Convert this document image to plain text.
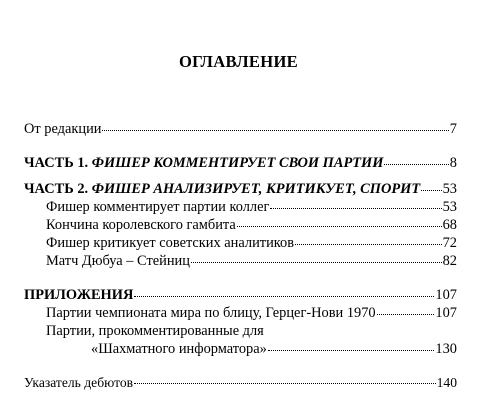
ОГЛАВЛЕНИЕ
От редакции	7
ЧАСТЬ 1. ФИШЕР КОММЕНТИРУЕТ СВОИ ПАРТИИ	8
ЧАСТЬ 2. ФИШЕР АНАЛИЗИРУЕТ, КРИТИКУЕТ, СПОРИТ 53
Фишер комментирует партии коллег	53
Кончина королевского гамбита	68
Фишер критикует советских аналитиков	72
Матч Дюбуа – Стейниц	82
ПРИЛОЖЕНИЯ	107
Партии чемпионата мира по блицу, Герцег-Нови 1970	107
Партии, прокомментированные для
«Шахматного информатора»	130
Указатель дебютов	140
